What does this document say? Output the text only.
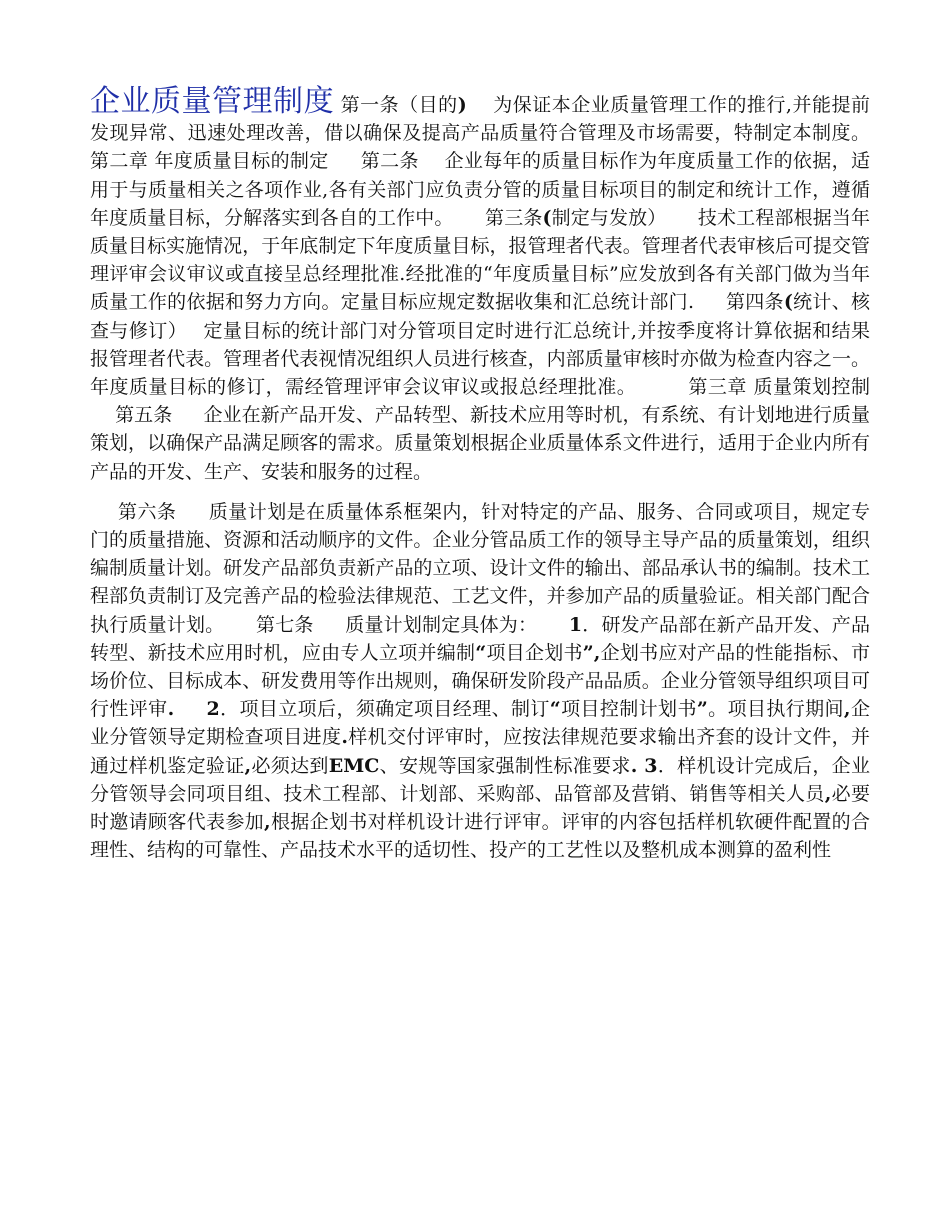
企业质量管理制度 第一条（目的)　 为保证本企业质量管理工作的推行,并能提前发现异常、迅速处理改善，借以确保及提高产品质量符合管理及市场需要，特制定本制度。 第二章 年度质量目标的制定 　 第二条　 企业每年的质量目标作为年度质量工作的依据，适用于与质量相关之各项作业,各有关部门应负责分管的质量目标项目的制定和统计工作，遵循年度质量目标，分解落实到各自的工作中。 　 第三条(制定与发放） 　 技术工程部根据当年质量目标实施情况，于年底制定下年度质量目标，报管理者代表。管理者代表审核后可提交管理评审会议审议或直接呈总经理批准.经批准的“年度质量目标”应发放到各有关部门做为当年质量工作的依据和努力方向。定量目标应规定数据收集和汇总统计部门. 　 第四条(统计、核查与修订）　 定量目标的统计部门对分管项目定时进行汇总统计,并按季度将计算依据和结果报管理者代表。管理者代表视情况组织人员进行核查，内部质量审核时亦做为检查内容之一。年度质量目标的修订，需经管理评审会议审议或报总经理批准。 　　 第三章 质量策划控制 　 第五条 　 企业在新产品开发、产品转型、新技术应用等时机，有系统、有计划地进行质量策划，以确保产品满足顾客的需求。质量策划根据企业质量体系文件进行，适用于企业内所有产品的开发、生产、安装和服务的过程。

第六条 　 质量计划是在质量体系框架内，针对特定的产品、服务、合同或项目，规定专门的质量措施、资源和活动顺序的文件。企业分管品质工作的领导主导产品的质量策划，组织编制质量计划。研发产品部负责新产品的立项、设计文件的输出、部品承认书的编制。技术工程部负责制订及完善产品的检验法律规范、工艺文件，并参加产品的质量验证。相关部门配合执行质量计划。 　 第七条 　 质量计划制定具体为： 　 1．研发产品部在新产品开发、产品转型、新技术应用时机，应由专人立项并编制“项目企划书”,企划书应对产品的性能指标、市场价位、目标成本、研发费用等作出规则，确保研发阶段产品品质。企业分管领导组织项目可行性评审. 　 2．项目立项后，须确定项目经理、制订“项目控制计划书”。项目执行期间,企业分管领导定期检查项目进度.样机交付评审时，应按法律规范要求输出齐套的设计文件，并通过样机鉴定验证,必须达到EMC、安规等国家强制性标准要求. 3．样机设计完成后，企业分管领导会同项目组、技术工程部、计划部、采购部、品管部及营销、销售等相关人员,必要时邀请顾客代表参加,根据企划书对样机设计进行评审。评审的内容包括样机软硬件配置的合理性、结构的可靠性、产品技术水平的适切性、投产的工艺性以及整机成本测算的盈利性
